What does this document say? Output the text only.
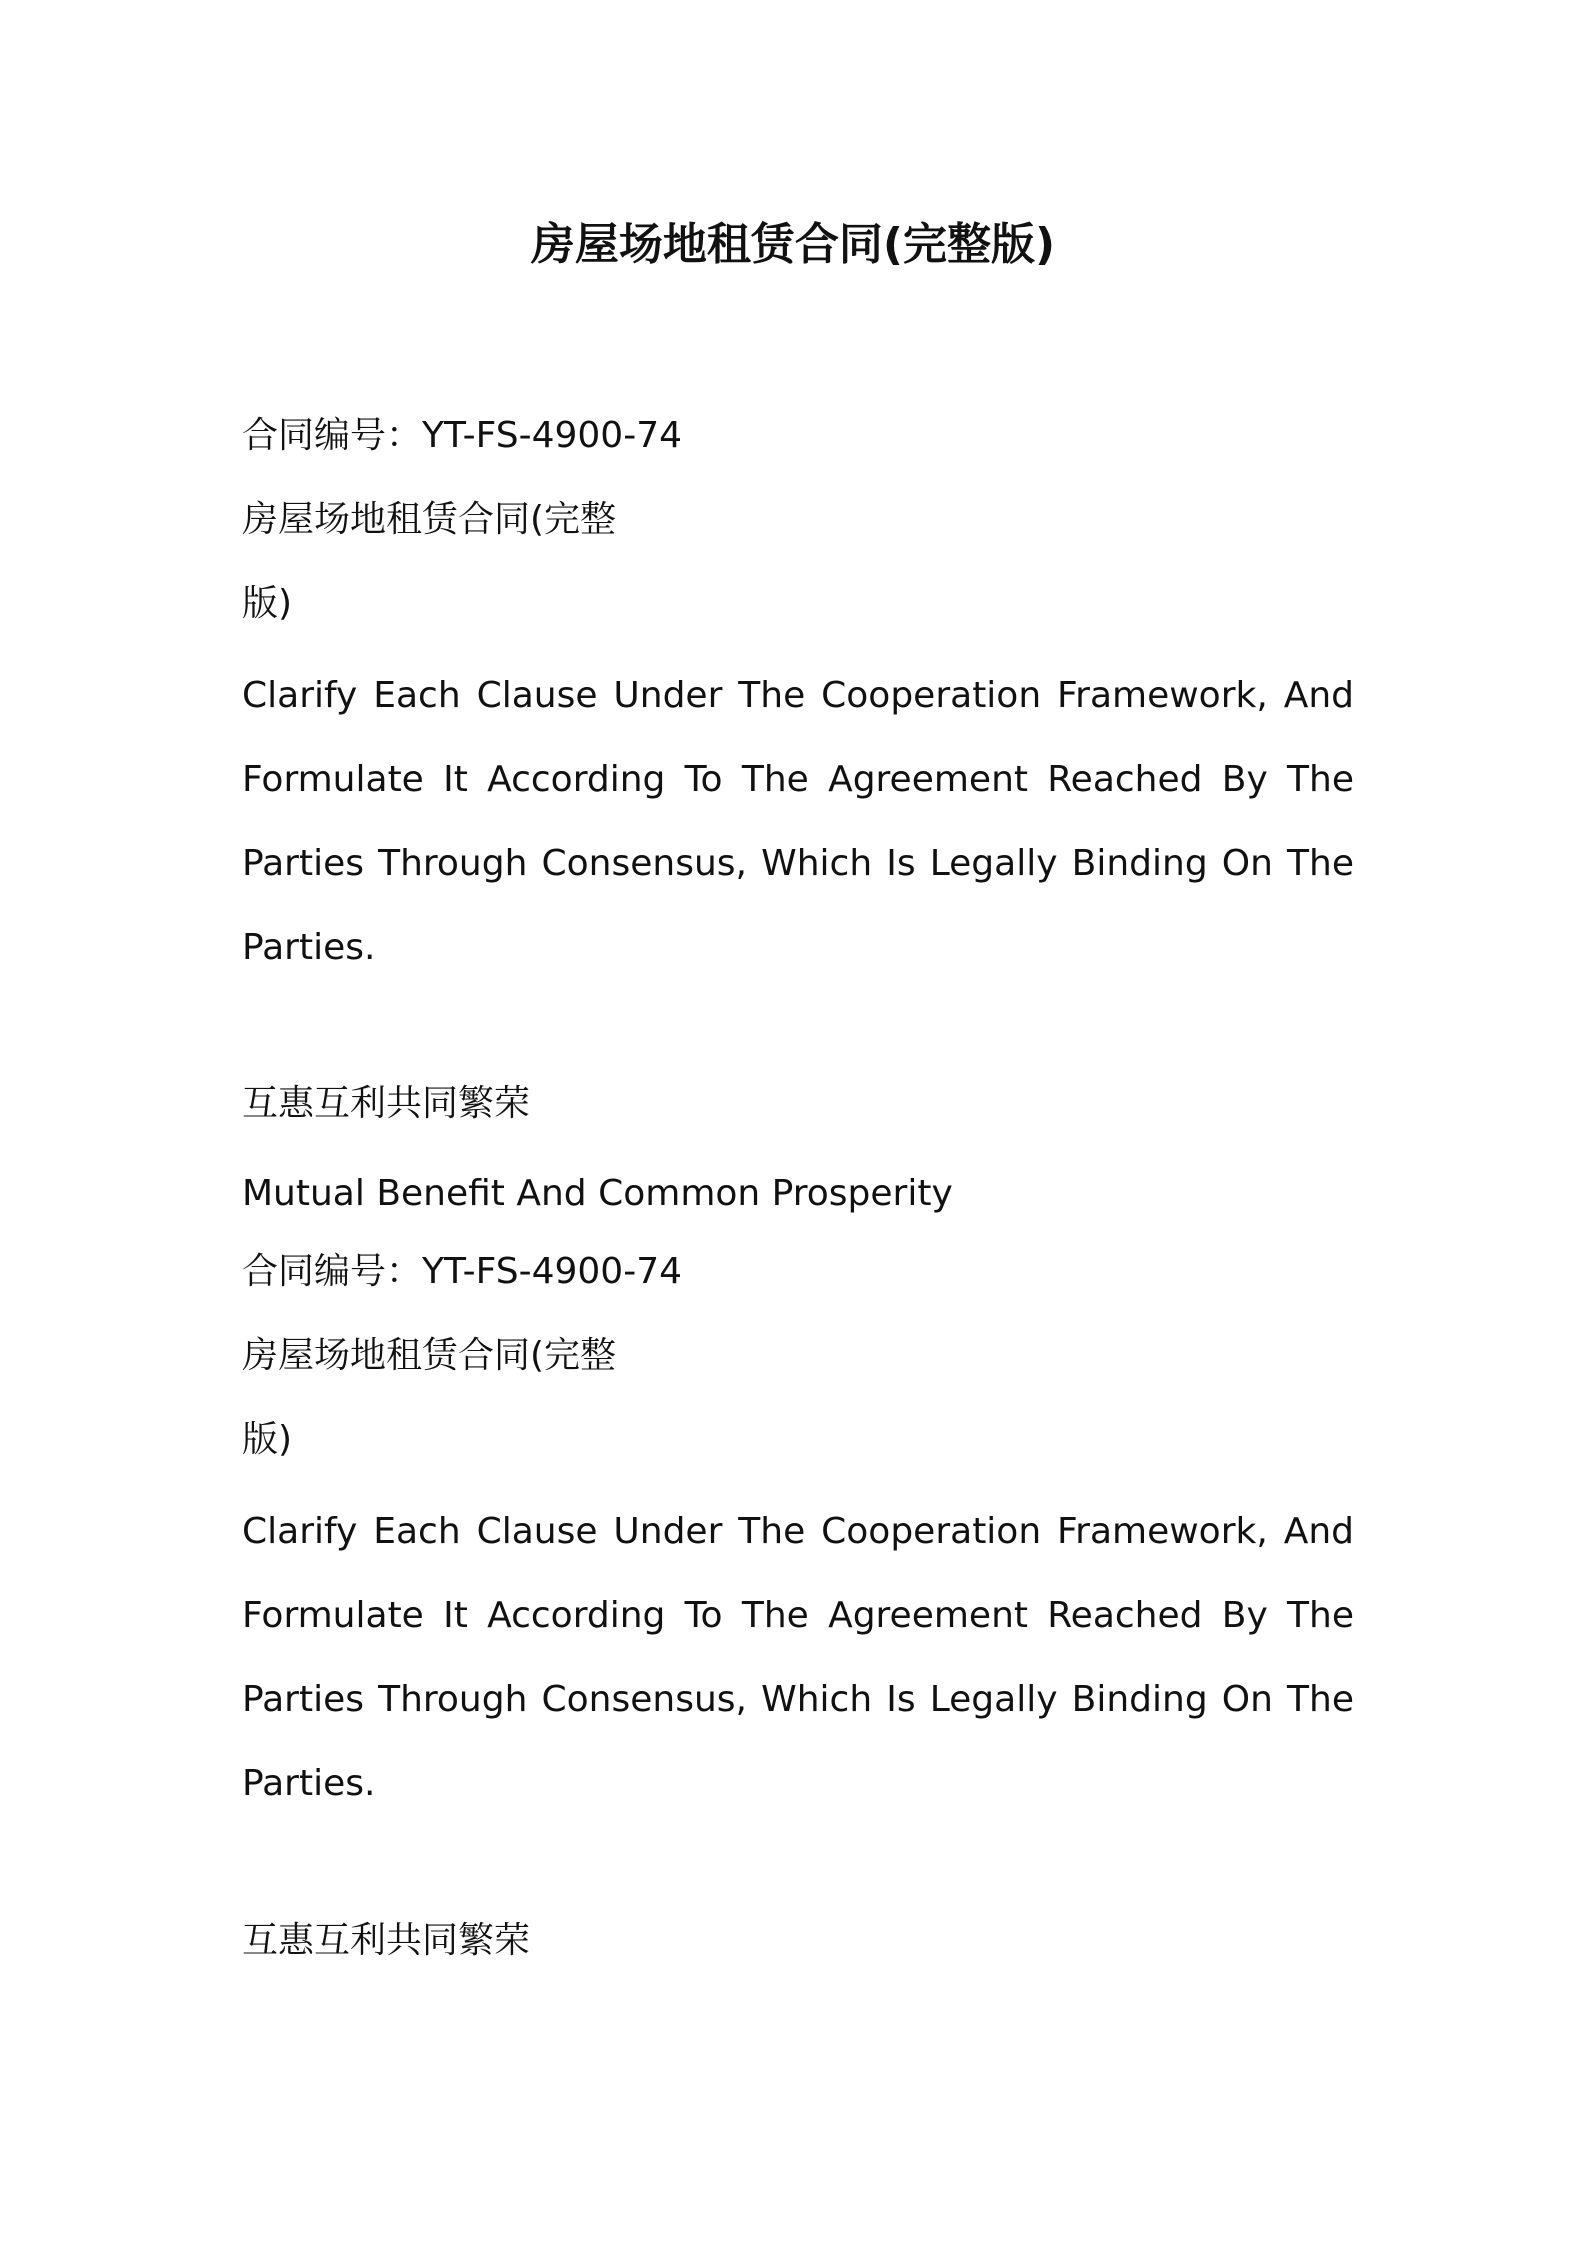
房屋场地租赁合同(完整版)
合同编号：YT-FS-4900-74
房屋场地租赁合同(完整
版)
Clarify Each Clause Under The Cooperation Framework, And Formulate It According To The Agreement Reached By The Parties Through Consensus, Which Is Legally Binding On The Parties.
互惠互利共同繁荣
Mutual Benefit And Common Prosperity
合同编号：YT-FS-4900-74
房屋场地租赁合同(完整
版)
Clarify Each Clause Under The Cooperation Framework, And Formulate It According To The Agreement Reached By The Parties Through Consensus, Which Is Legally Binding On The Parties.
互惠互利共同繁荣
